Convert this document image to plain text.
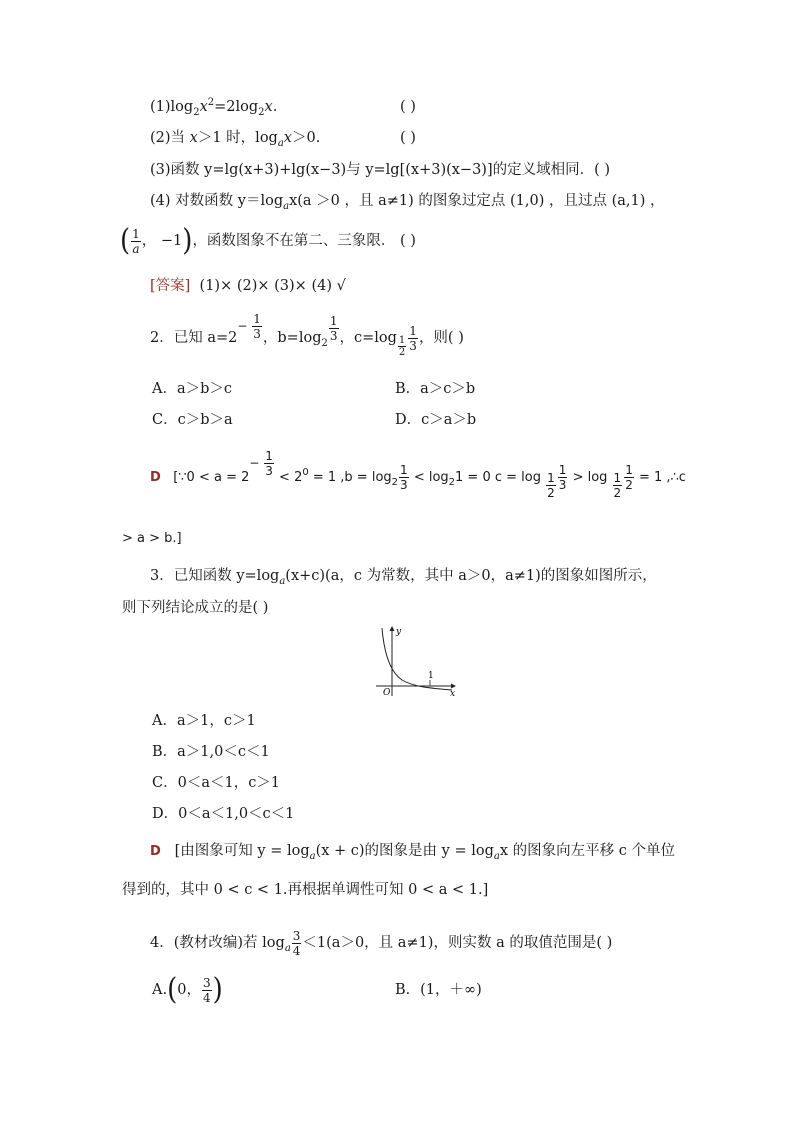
$(1)\log_2x^2=2\log_2x$.	( )
(2)当 x＞1 时，$\log_ax>0$.	( )
(3)函数 y=lg(x+3)+lg(x−3)与 y=lg[(x+3)(x−3)]的定义域相同．( )
(4) 对数函数 $y=\log_ax(a >0$ ，且 a≠1) 的图象过定点 (1,0) ，且过点 (a,1) ，
( $\frac{1}{a}$ ， −1)，函数图象不在第二、三象限． ( )
[答案] (1)× (2)× (3)× (4) √
2．已知 $a=2^{- \frac{1}{3}}$ ，$b=\log_2$
$\frac{1}{3}$ ，$c=\log \frac{1}{2} \frac{1}{3}$ ，则( )
A．a＞b＞c	B．a＞c＞b
C．c＞b＞a	D．c＞a＞b
D [∵0 < $a = 2- \frac{1}{3} < 2^0 = 1$ $,b = \log_2 \frac{1}{3} < \log_21 = 0$ $c = \log \frac{1}{2} \frac{1}{3} > \log \frac{1}{2} \frac{1}{2} = 1$ ,∴c
> a > b.]
3．已知函数 $y=\log_a(x+c)(a$，c 为常数，其中 a＞0，a≠1)的图象如图所示，
则下列结论成立的是( )
y
x
O
1
A．a＞1，c＞1
B．a＞1,0＜c＜1
C．0＜a＜1，c＞1
D．0＜a＜1,0＜c＜1
D [由图象可知 $y = \log_a(x + c)$的图象是由 $y = \log_ax$ 的图象向左平移 c 个单位
得到的，其中 0 < c < 1.再根据单调性可知 0 < a < 1.]
4．(教材改编)若 $\log_a \frac{3}{4} <1(a>0$，且 a≠1)，则实数 a 的取值范围是( )
A.(0， $\frac{3}{4}$ )	B．(1，＋∞)
